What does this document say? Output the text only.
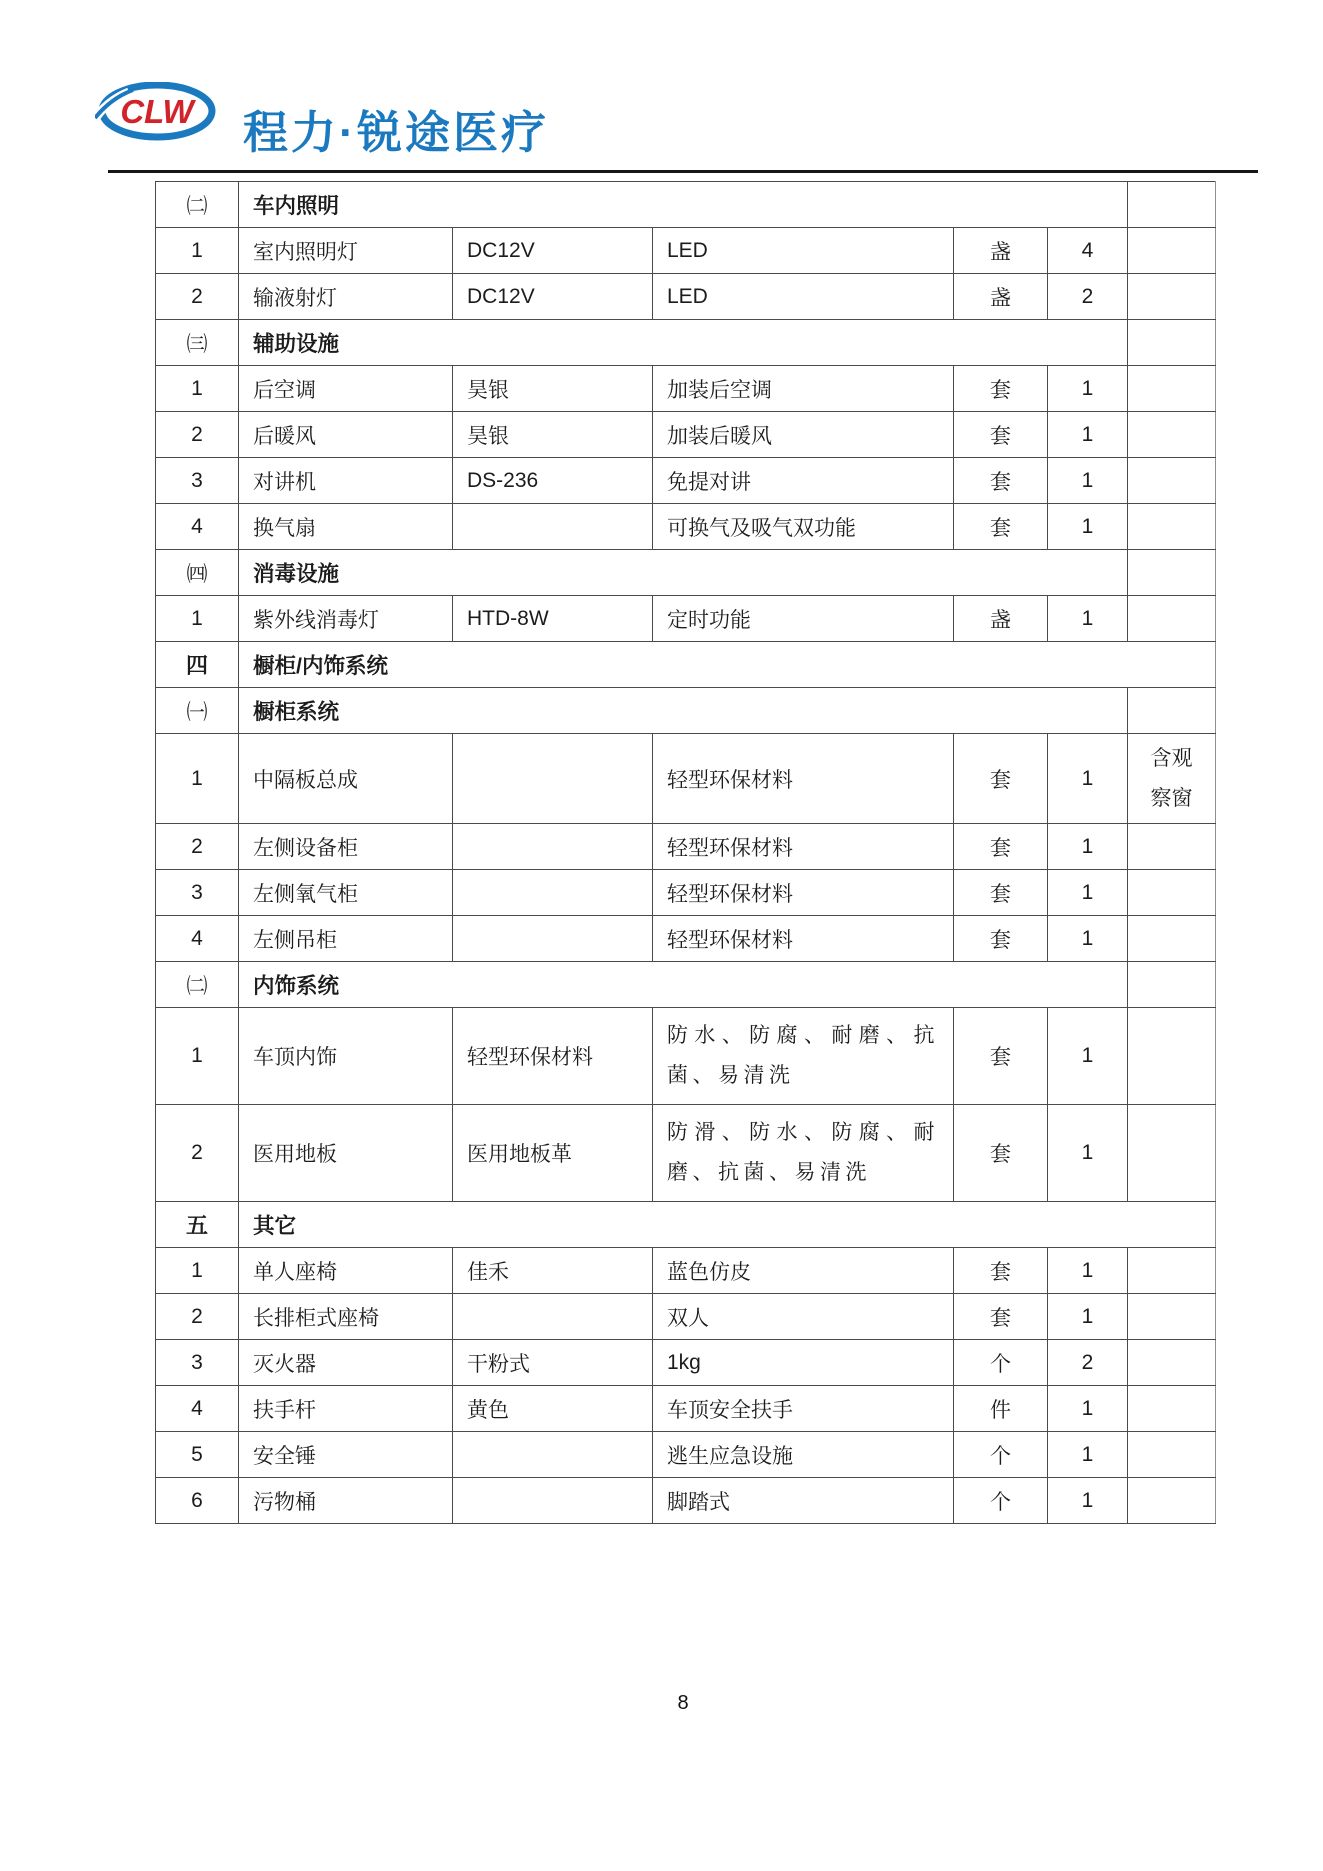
CLW 程力·锐途医疗
㈡	车内照明					
1	室内照明灯	DC12V	LED	盏	4	
2	输液射灯	DC12V	LED	盏	2	
㈢	辅助设施					
1	后空调	昊银	加装后空调	套	1	
2	后暖风	昊银	加装后暖风	套	1	
3	对讲机	DS-236	免提对讲	套	1	
4	换气扇		可换气及吸气双功能	套	1	
㈣	消毒设施					
1	紫外线消毒灯	HTD-8W	定时功能	盏	1	
四	橱柜/内饰系统					
㈠	橱柜系统					
1	中隔板总成		轻型环保材料	套	1	含观察窗
2	左侧设备柜		轻型环保材料	套	1	
3	左侧氧气柜		轻型环保材料	套	1	
4	左侧吊柜		轻型环保材料	套	1	
㈡	内饰系统					
1	车顶内饰	轻型环保材料	防水、防腐、耐磨、抗菌、易清洗	套	1	
2	医用地板	医用地板革	防滑、防水、防腐、耐磨、抗菌、易清洗	套	1	
五	其它					
1	单人座椅	佳禾	蓝色仿皮	套	1	
2	长排柜式座椅		双人	套	1	
3	灭火器	干粉式	1kg	个	2	
4	扶手杆	黄色	车顶安全扶手	件	1	
5	安全锤		逃生应急设施	个	1	
6	污物桶		脚踏式	个	1	
8
